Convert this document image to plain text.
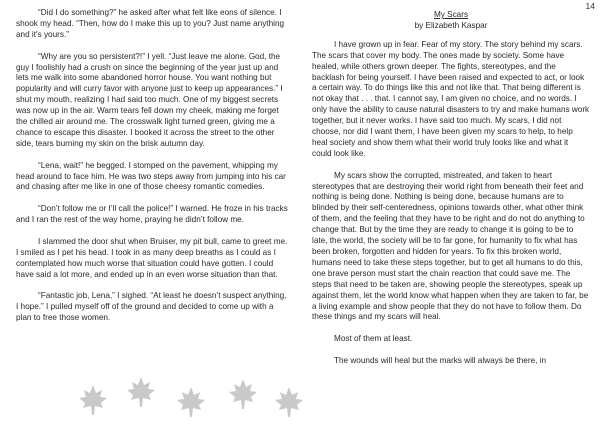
14

“Did I do something?” he asked after what felt like eons of silence. I shook my head. “Then, how do I make this up to you? Just name anything and it's yours.”

“Why are you so persistent?!” I yell. “Just leave me alone. God, the guy I foolishly had a crush on since the beginning of the year just up and lets me walk into some abandoned horror house. You want nothing but popularity and will curry favor with anyone just to keep up appearances.” I shut my mouth, realizing I had said too much. One of my biggest secrets was now up in the air. Warm tears fell down my cheek, making me forget the chilled air around me. The crosswalk light turned green, giving me a chance to escape this disaster. I booked it across the street to the other side, tears burning my skin on the brisk autumn day.

“Lena, wait!” he begged. I stomped on the pavement, whipping my head around to face him. He was two steps away from jumping into his car and chasing after me like in one of those cheesy romantic comedies.

“Don’t follow me or I’ll call the police!” I warned. He froze in his tracks and I ran the rest of the way home, praying he didn’t follow me.

I slammed the door shut when Bruiser, my pit bull, came to greet me. I smiled as I pet his head. I took in as many deep breaths as I could as I contemplated how much worse that situation could have gotten. I could have said a lot more, and ended up in an even worse situation than that.

“Fantastic job, Lena,” I sighed. “At least he doesn’t suspect anything, I hope.” I pulled myself off of the ground and decided to come up with a plan to free those women.

My Scars
by Elizabeth Kaspar

I have grown up in fear. Fear of my story. The story behind my scars. The scars that cover my body. The ones made by society. Some have healed, while others grown deeper. The fights, stereotypes, and the backlash for being yourself. I have been raised and expected to act, or look a certain way. To do things like this and not like that. That being different is not okay that . . . that. I cannot say, I am given no choice, and no words. I only have the ability to cause natural disasters to try and make humans work together, but it never works. I have said too much. My scars, I did not choose, nor did I want them, I have been given my scars to help, to help heal society and show them what their world truly looks like and what it could look like.

My scars show the corrupted, mistreated, and taken to heart stereotypes that are destroying their world right from beneath their feet and nothing is being done. Nothing is being done, because humans are to blinded by their self-centeredness, opinions towards other, what other think of them, and the feeling that they have to be right and do not do anything to change that. But by the time they are ready to change it is going to be to late, the world, the society will be to far gone, for humanity to fix what has been broken, forgotten and hidden for years. To fix this broken world, humans need to take these steps together, but to get all humans to do this, one brave person must start the chain reaction that could save me. The steps that need to be taken are, showing people the stereotypes, speak up against them, let the world know what happen when they are taken to far, be a living example and show people that they do not have to follow them. Do these things and my scars will heal.

Most of them at least.

The wounds will heal but the marks will always be there, in
